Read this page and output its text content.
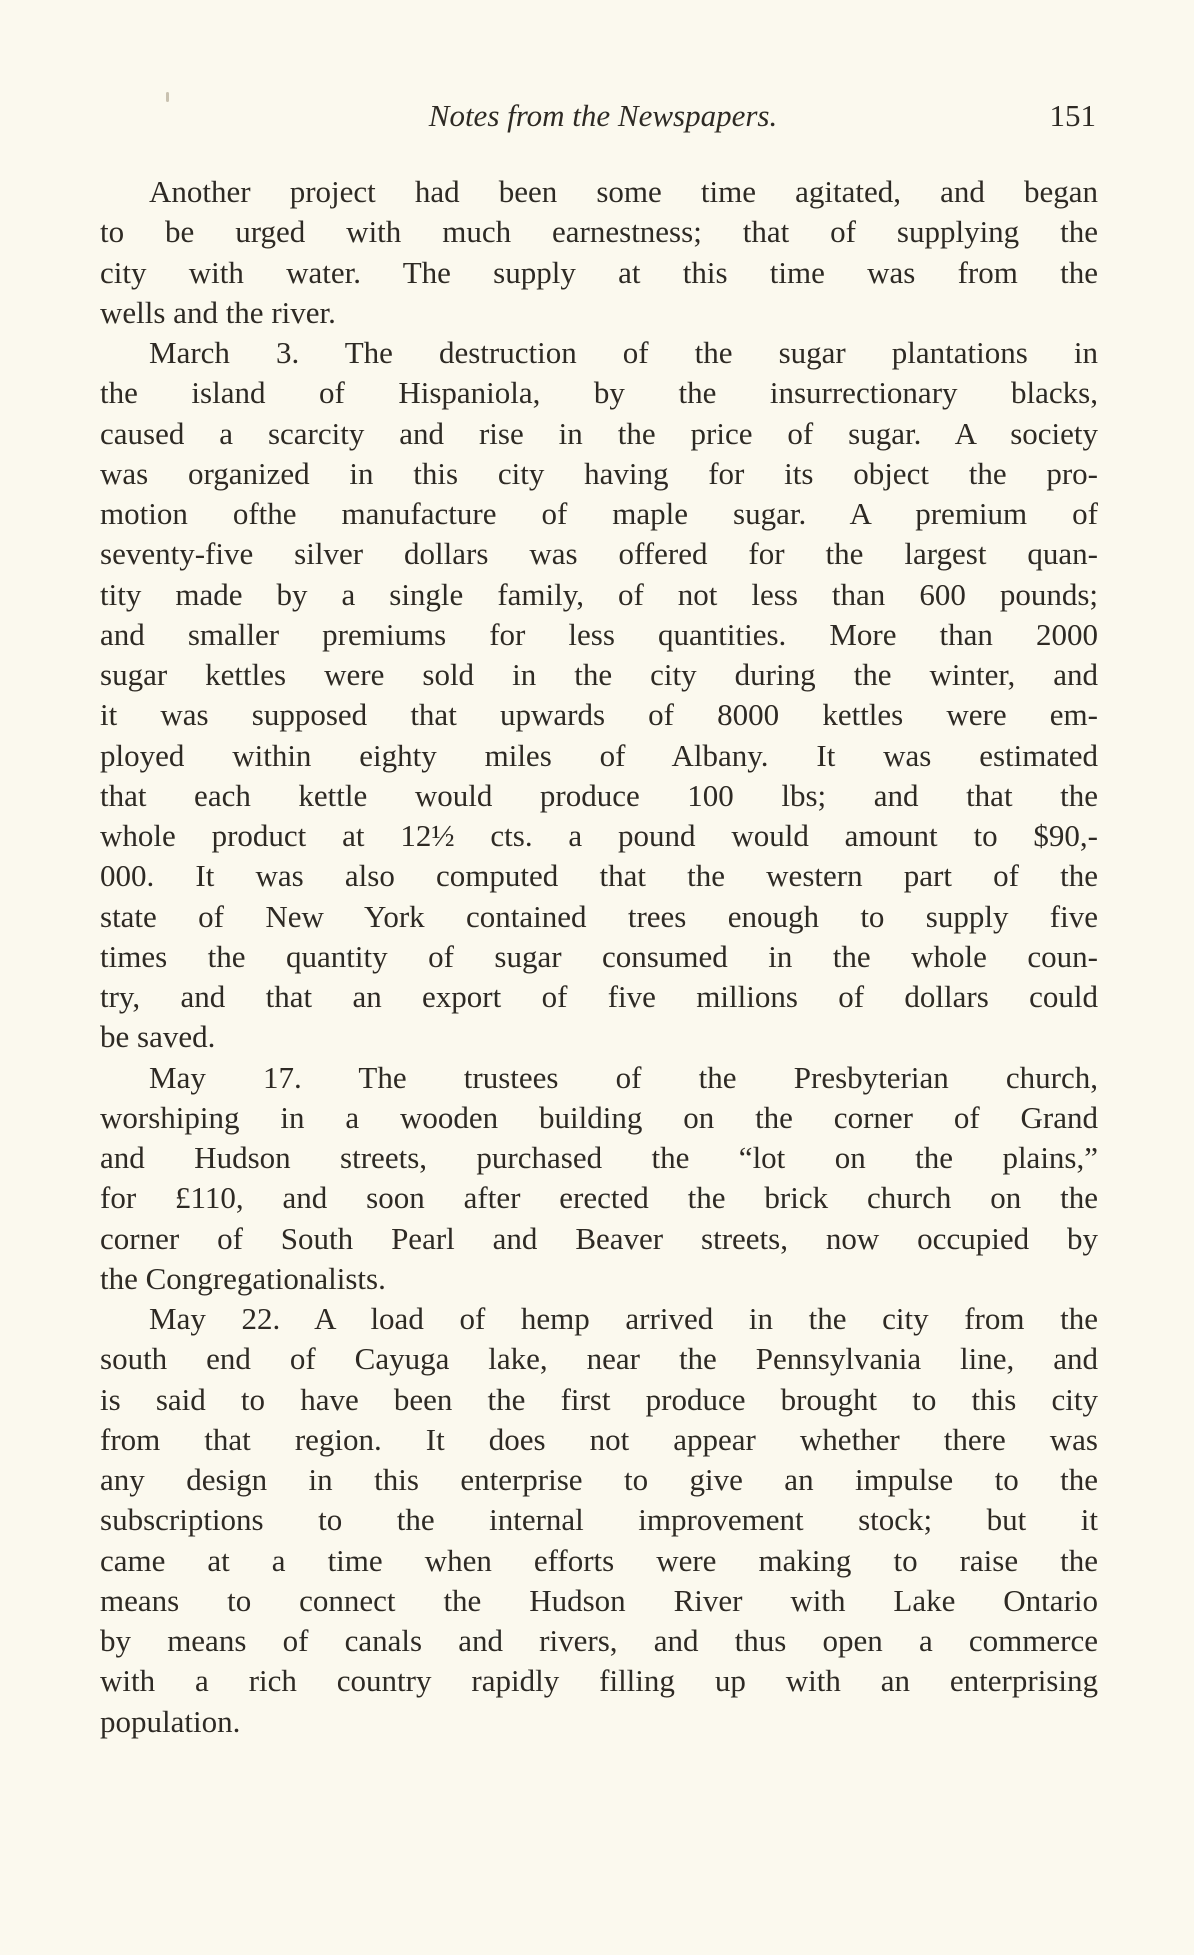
Notes from the Newspapers.	151
Another project had been some time agitated, and began
to be urged with much earnestness; that of supplying the
city with water. The supply at this time was from the
wells and the river.
March 3. The destruction of the sugar plantations in
the island of Hispaniola, by the insurrectionary blacks,
caused a scarcity and rise in the price of sugar. A society
was organized in this city having for its object the pro-
motion ofthe manufacture of maple sugar. A premium of
seventy-five silver dollars was offered for the largest quan-
tity made by a single family, of not less than 600 pounds;
and smaller premiums for less quantities. More than 2000
sugar kettles were sold in the city during the winter, and
it was supposed that upwards of 8000 kettles were em-
ployed within eighty miles of Albany. It was estimated
that each kettle would produce 100 lbs; and that the
whole product at 12½ cts. a pound would amount to $90,-
000. It was also computed that the western part of the
state of New York contained trees enough to supply five
times the quantity of sugar consumed in the whole coun-
try, and that an export of five millions of dollars could
be saved.
May 17. The trustees of the Presbyterian church,
worshiping in a wooden building on the corner of Grand
and Hudson streets, purchased the “lot on the plains,”
for £110, and soon after erected the brick church on the
corner of South Pearl and Beaver streets, now occupied by
the Congregationalists.
May 22. A load of hemp arrived in the city from the
south end of Cayuga lake, near the Pennsylvania line, and
is said to have been the first produce brought to this city
from that region. It does not appear whether there was
any design in this enterprise to give an impulse to the
subscriptions to the internal improvement stock; but it
came at a time when efforts were making to raise the
means to connect the Hudson River with Lake Ontario
by means of canals and rivers, and thus open a commerce
with a rich country rapidly filling up with an enterprising
population.
